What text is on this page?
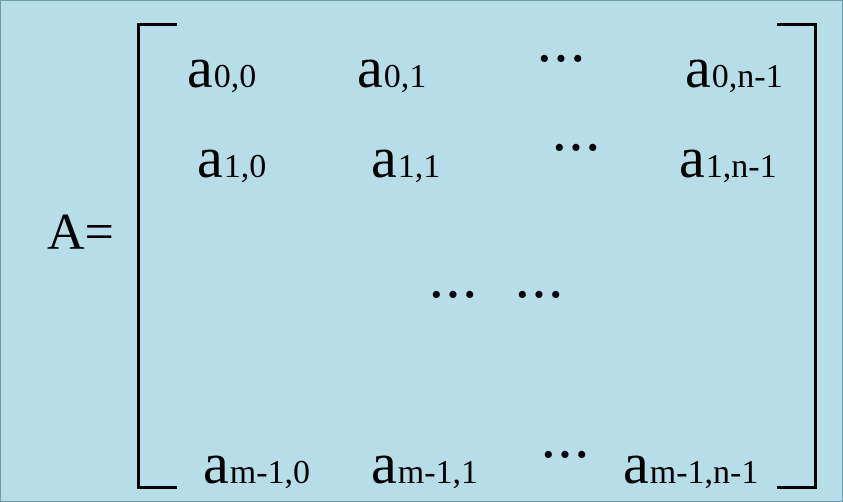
A=
a0,0 a0,1	··· a0,n-1
a1,0 a1,1	··· a1,n-1
··· ···
am-1,0 am-1,1 ··· am-1,n-1
